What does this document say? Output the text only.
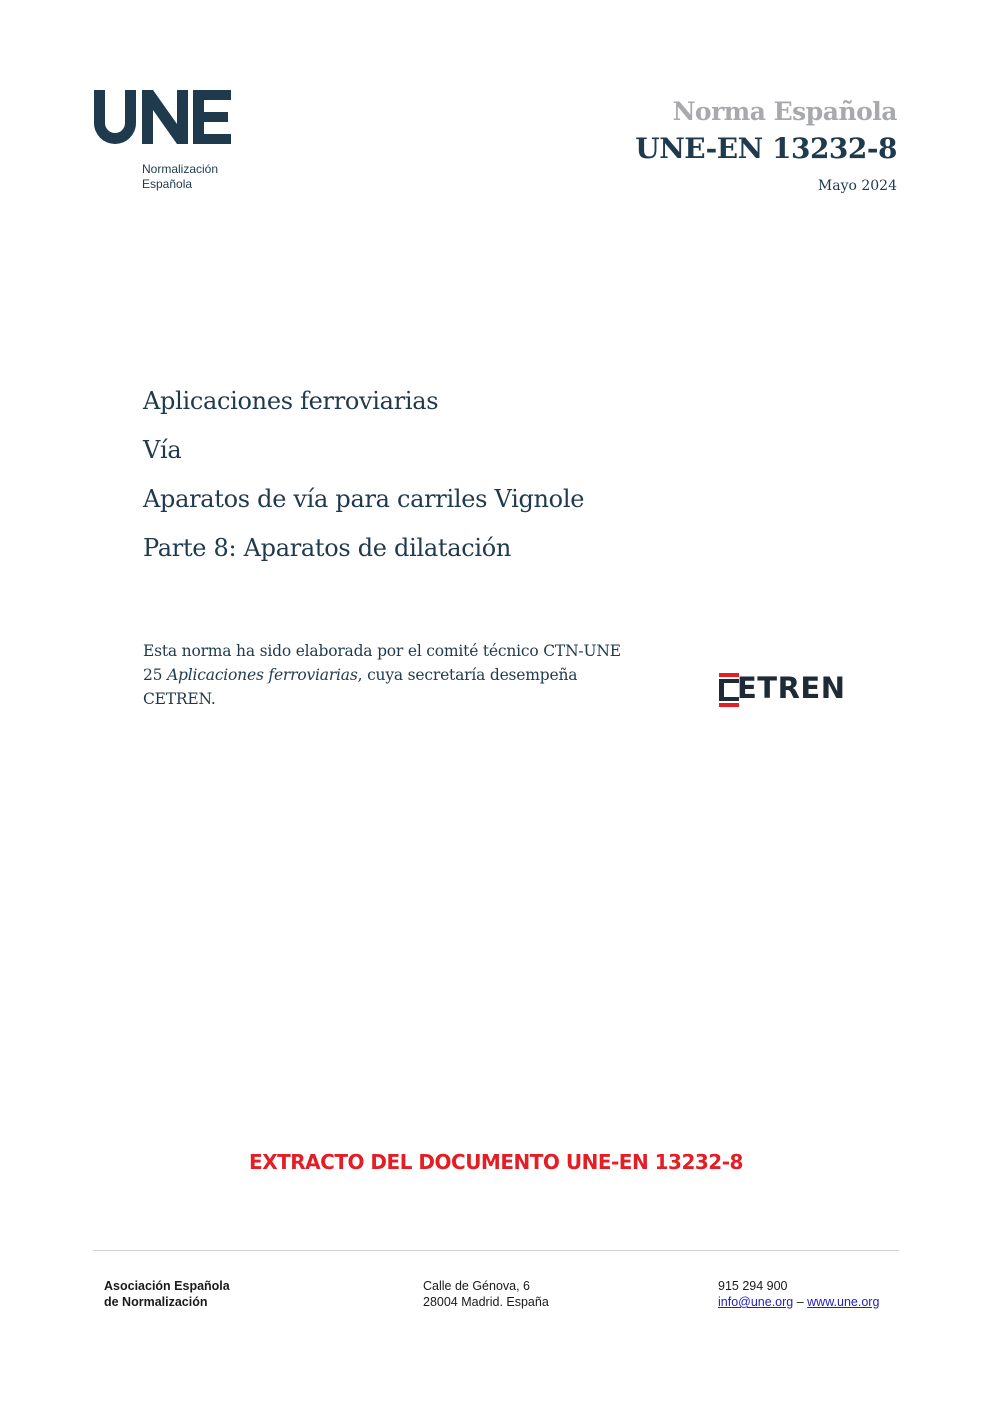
Normalización
Española
Norma Española
UNE-EN 13232-8
Mayo 2024
Aplicaciones ferroviarias
Vía
Aparatos de vía para carriles Vignole
Parte 8: Aparatos de dilatación
Esta norma ha sido elaborada por el comité técnico CTN-UNE 25 Aplicaciones ferroviarias, cuya secretaría desempeña CETREN.	ETREN
EXTRACTO DEL DOCUMENTO UNE-EN 13232-8
Asociación Española
de Normalización
Calle de Génova, 6
28004 Madrid. España
915 294 900
info@une.org – www.une.org
